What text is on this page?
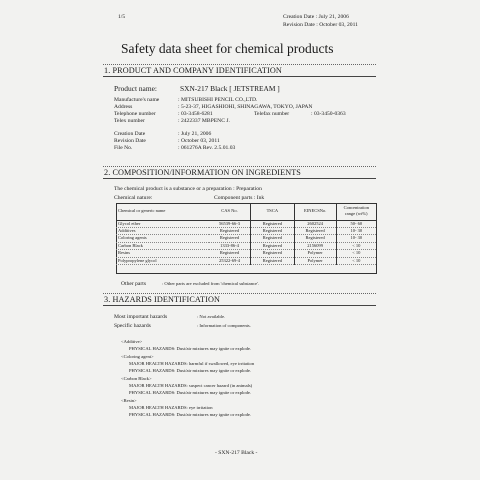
1/5	Creation Date : July 21, 2006
Revision Date : October 03, 2011
Safety data sheet for chemical products
1. PRODUCT AND COMPANY IDENTIFICATION
Product name:	SXN-217 Black [ JETSTREAM ]
Manufacture's name	: MITSUBISHI PENCIL CO.,LTD.
Address	: 5-23-37, HIGASHIOHI, SHINAGAWA, TOKYO, JAPAN
Telephone number	: 03-3458-6281	Telefax number	: 03-3450-0363
Telex number	: 2422337 MBPENC J.
Creation Date	: July 21, 2006
Revision Date	: October 03, 2011
File No.	: 061276A Rev. 2.5.01.03
2. COMPOSITION/INFORMATION ON INGREDIENTS
The chemical product is a substance or a preparation : Preparation
Chemical nature:	Component parts : Ink
Chemical or generic name	CAS No.	TSCA	EINECSNo.	Concentration
range (wt%)

Glycol ether	56539-66-3	Registered	2602524	50- 60
Additives	Registered	Registered	Registered	10- 30
Coloring agents	Registered	Registered	Registered	10- 30
Carbon Black	1333-86-4	Registered	2156099	< 10
Resins	Registered	Registered	Polymer	< 10
Polypropylene glycol	25322-69-4	Registered	Polymer	< 10
Other parts	: Other parts are excluded from 'chemical substance'.
3. HAZARDS IDENTIFICATION
Most important hazards	: Not available.
Specific hazards	: Information of components.
<Additive>
PHYSICAL HAZARDS: Dust/air mixtures may ignite or explode.
<Coloring agent>
MAJOR HEALTH HAZARDS: harmful if swallowed, eye irritation
PHYSICAL HAZARDS: Dust/air mixtures may ignite or explode.
<Carbon Black>
MAJOR HEALTH HAZARDS: suspect cancer hazard (in animals)
PHYSICAL HAZARDS: Dust/air mixtures may ignite or explode.
<Resin>
MAJOR HEALTH HAZARDS: eye irritation
PHYSICAL HAZARDS: Dust/air mixtures may ignite or explode.
- SXN-217 Black -
